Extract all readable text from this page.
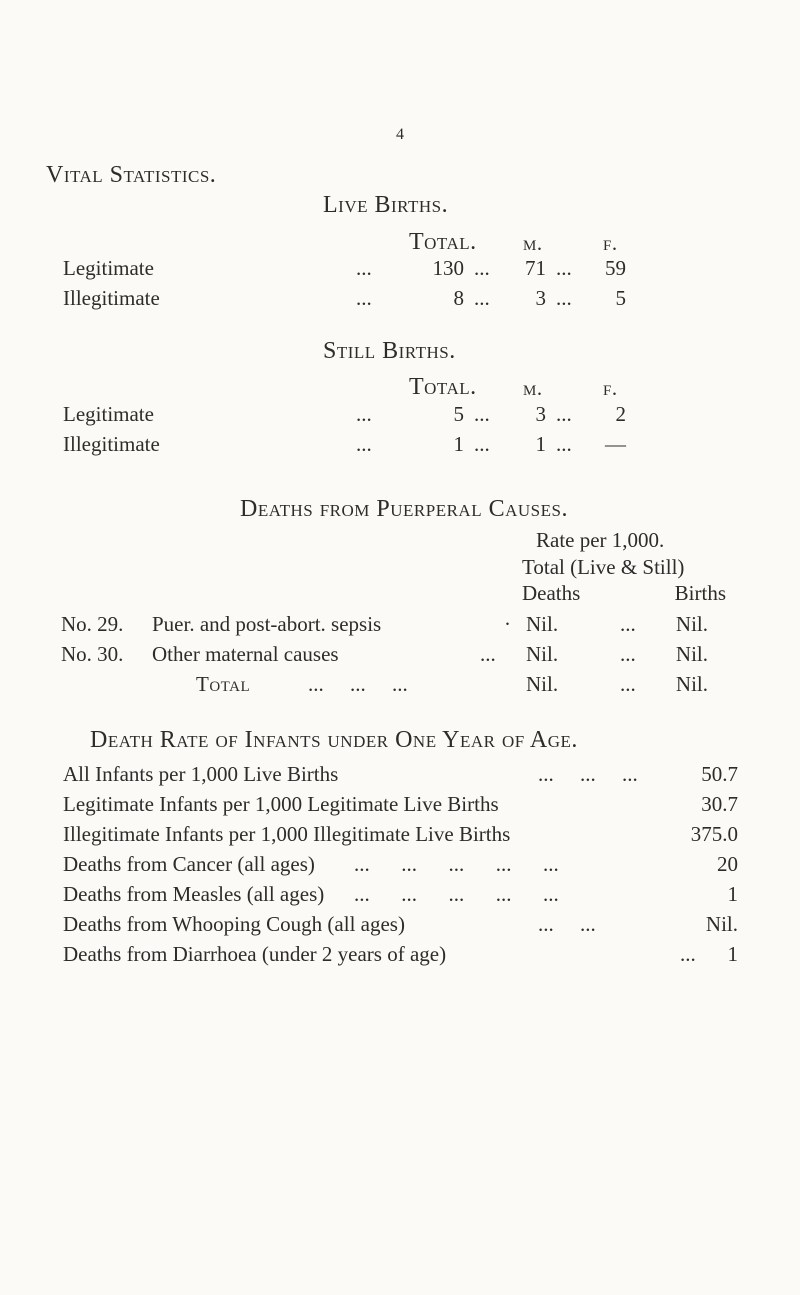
4
Vital Statistics.
Live Births.
Total. m.	f.
Legitimate	...	130 ...	71 ...	59
Illegitimate	...	8 ...	3 ...	5
Still Births.
Total. m.	f.
Legitimate	...	5 ...	3 ...	2
Illegitimate	...	1 ...	1 ...	—
Deaths from Puerperal Causes.
Rate per 1,000.
Total (Live & Still)
Deaths	Births
No. 29. Puer. and post-abort. sepsis	· Nil.	...	Nil.
No. 30. Other maternal causes	... Nil.	...	Nil.
Total	...     ...     ...	Nil.	...	Nil.
Death Rate of Infants under One Year of Age.
All Infants per 1,000 Live Births	...     ...     ...	50.7
Legitimate Infants per 1,000 Legitimate Live Births	30.7
Illegitimate Infants per 1,000 Illegitimate Live Births	375.0
Deaths from Cancer (all ages) ...      ...      ...      ...      ...	20
Deaths from Measles (all ages) ...      ...      ...      ...      ...	1
Deaths from Whooping Cough (all ages)	...     ...	Nil.
Deaths from Diarrhoea (under 2 years of age)	...	1
